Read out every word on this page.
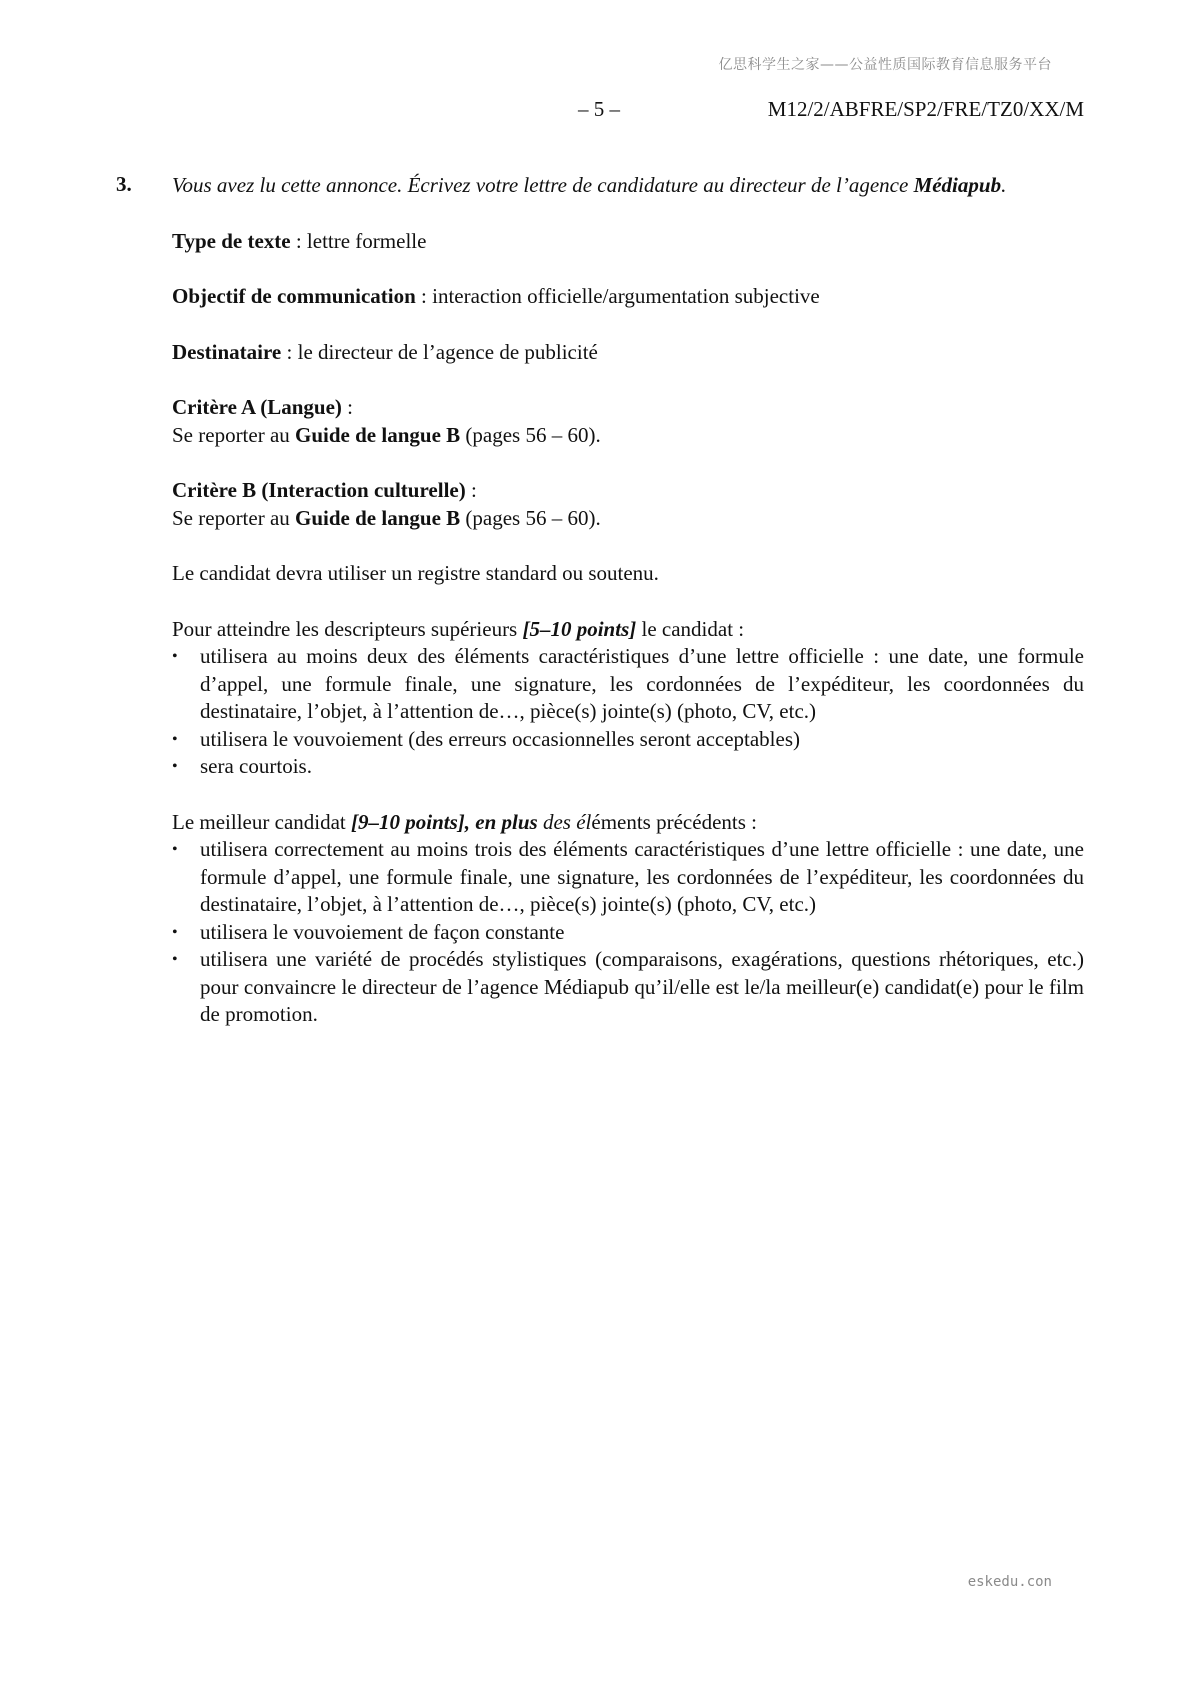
亿思科学生之家——公益性质国际教育信息服务平台
– 5 –	M12/2/ABFRE/SP2/FRE/TZ0/XX/M
3. Vous avez lu cette annonce. Écrivez votre lettre de candidature au directeur de l’agence Médiapub.

Type de texte : lettre formelle

Objectif de communication : interaction officielle/argumentation subjective

Destinataire : le directeur de l’agence de publicité

Critère A (Langue) :
Se reporter au Guide de langue B (pages 56 – 60).

Critère B (Interaction culturelle) :
Se reporter au Guide de langue B (pages 56 – 60).

Le candidat devra utiliser un registre standard ou soutenu.

Pour atteindre les descripteurs supérieurs [5–10 points] le candidat :
• utilisera au moins deux des éléments caractéristiques d’une lettre officielle : une date, une formule d’appel, une formule finale, une signature, les cordonnées de l’expéditeur, les coordonnées du destinataire, l’objet, à l’attention de…, pièce(s) jointe(s) (photo, CV, etc.)
• utilisera le vouvoiement (des erreurs occasionnelles seront acceptables)
• sera courtois.
Le meilleur candidat [9–10 points], en plus des éléments précédents :
• utilisera correctement au moins trois des éléments caractéristiques d’une lettre officielle : une date, une formule d’appel, une formule finale, une signature, les cordonnées de l’expéditeur, les coordonnées du destinataire, l’objet, à l’attention de…, pièce(s) jointe(s) (photo, CV, etc.)
• utilisera le vouvoiement de façon constante
• utilisera une variété de procédés stylistiques (comparaisons, exagérations, questions rhétoriques, etc.) pour convaincre le directeur de l’agence Médiapub qu’il/elle est le/la meilleur(e) candidat(e) pour le film de promotion.
eskedu.con
